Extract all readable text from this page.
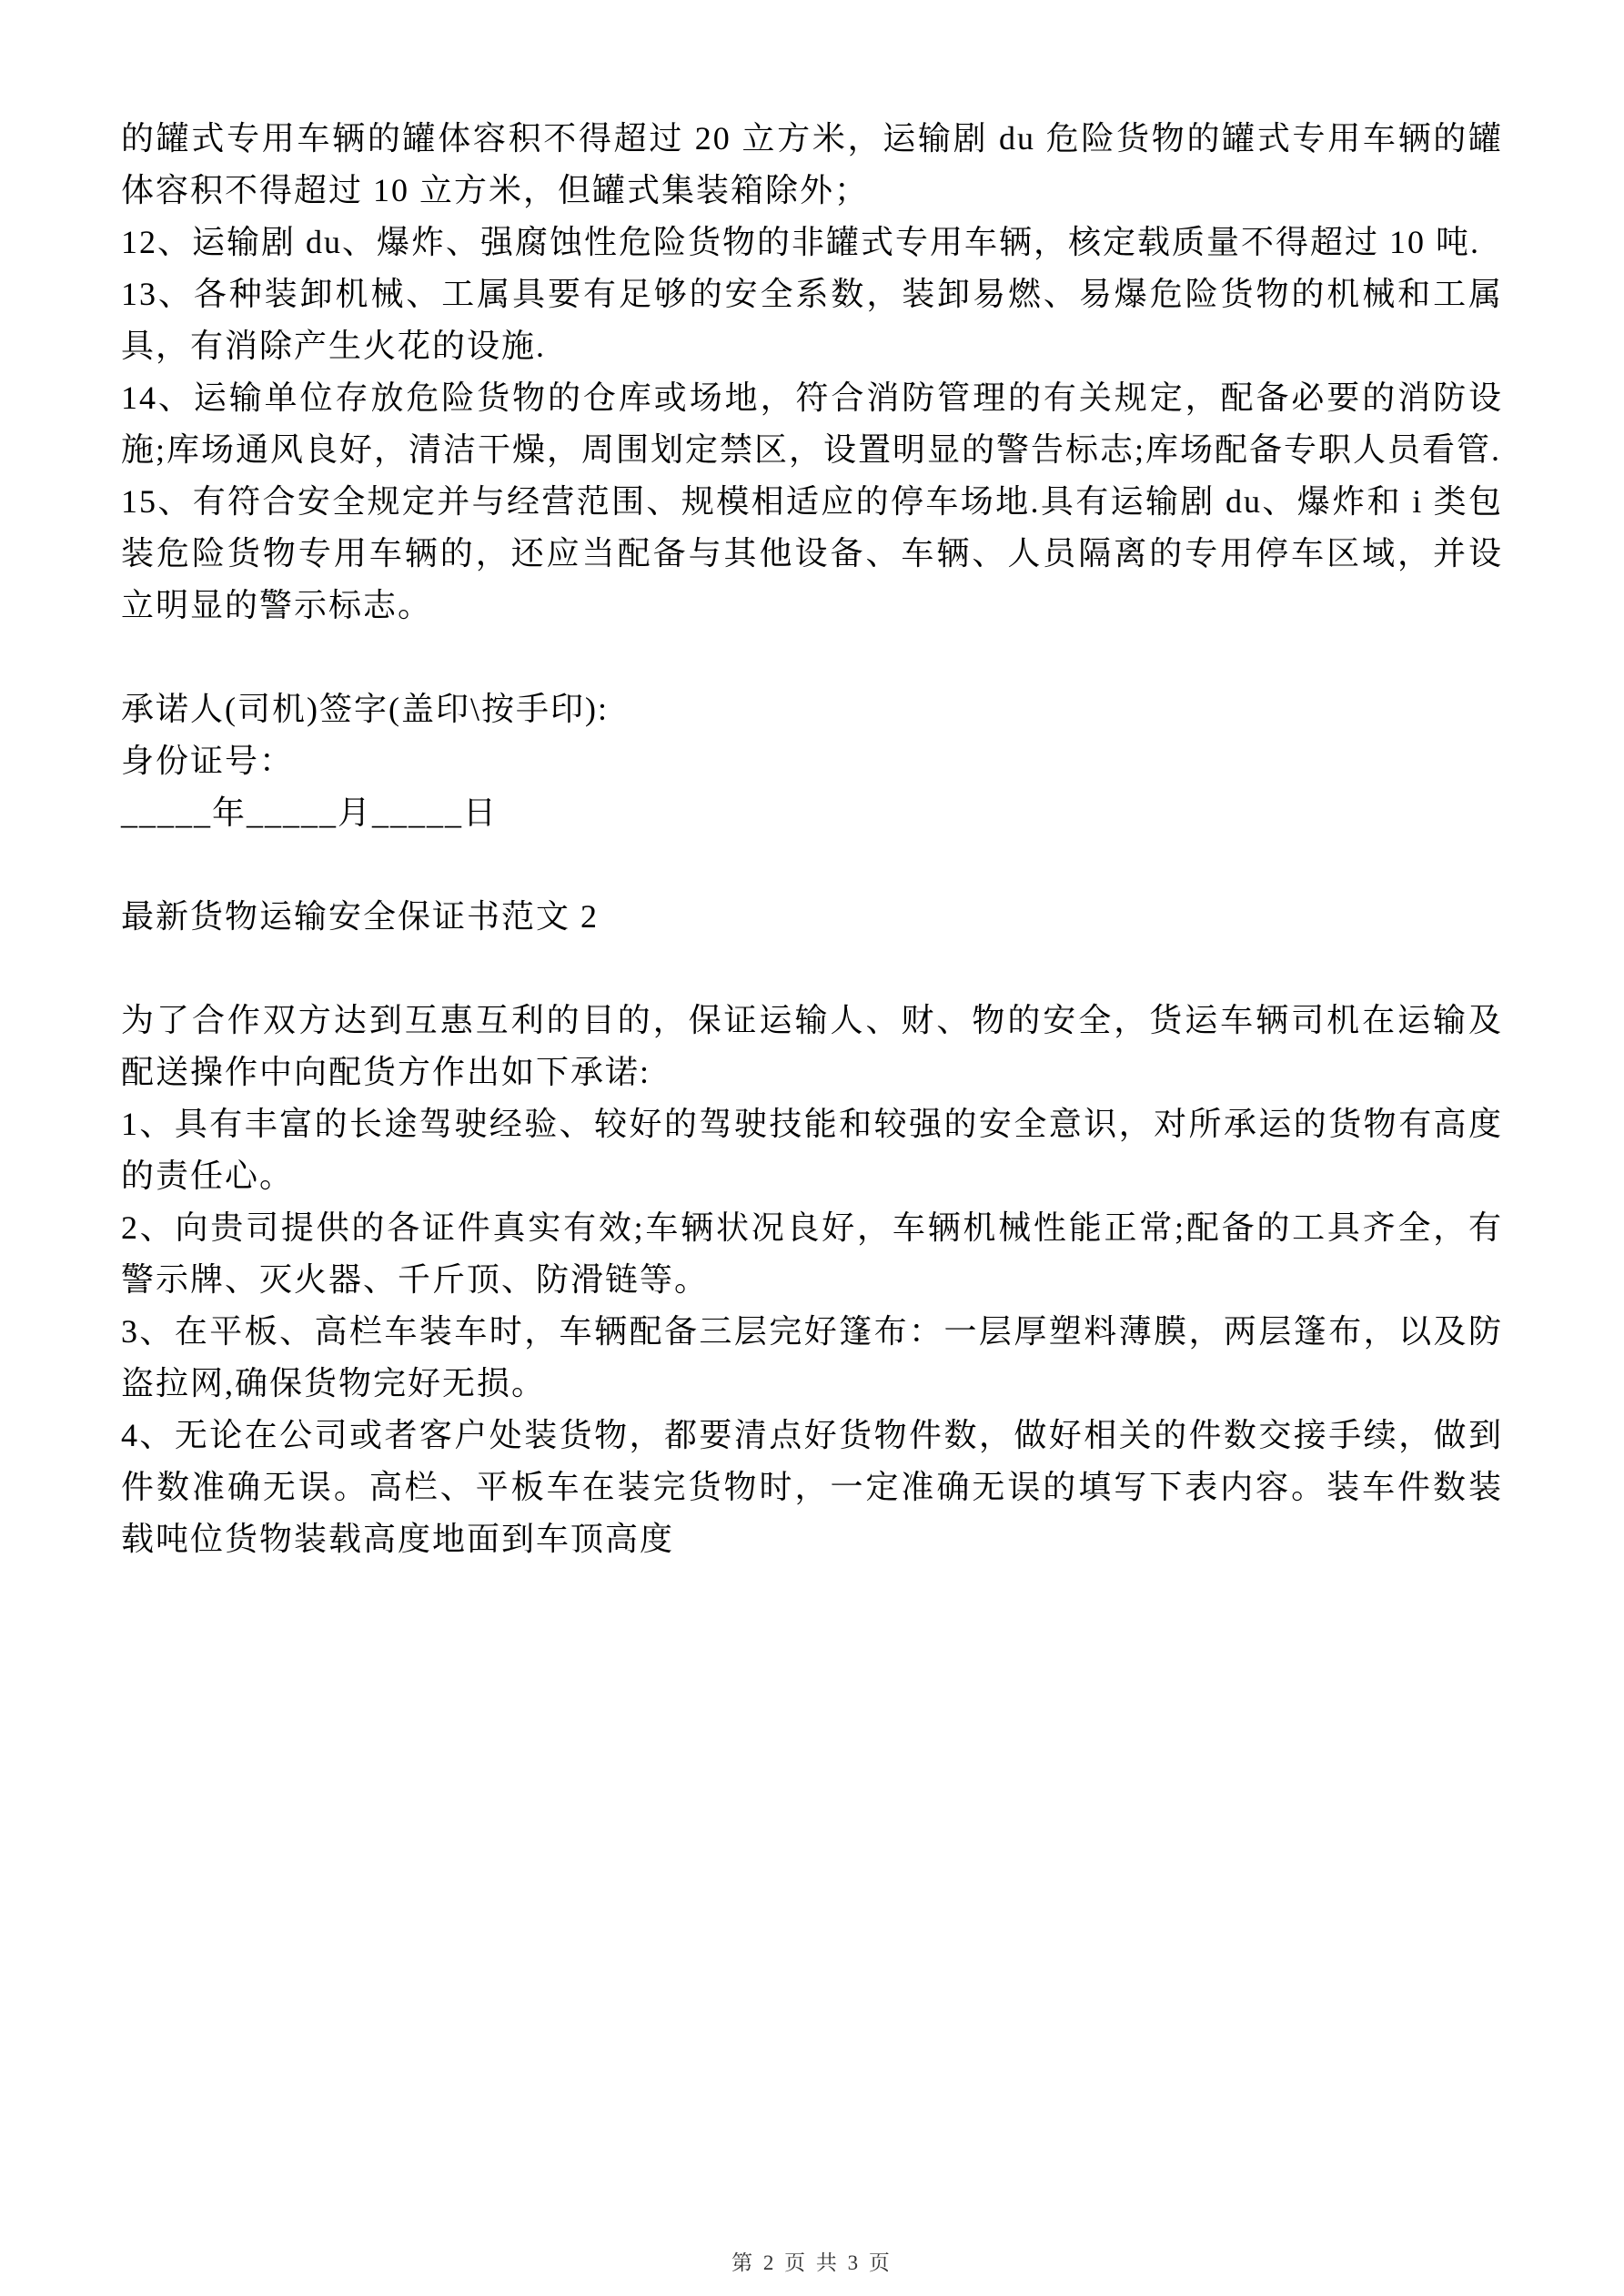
的罐式专用车辆的罐体容积不得超过 20 立方米，运输剧 du 危险货物的罐式专用车辆的罐体容积不得超过 10 立方米，但罐式集装箱除外；

12、运输剧 du、爆炸、强腐蚀性危险货物的非罐式专用车辆，核定载质量不得超过 10 吨.

13、各种装卸机械、工属具要有足够的安全系数，装卸易燃、易爆危险货物的机械和工属具，有消除产生火花的设施.

14、运输单位存放危险货物的仓库或场地，符合消防管理的有关规定，配备必要的消防设施;库场通风良好，清洁干燥，周围划定禁区，设置明显的警告标志;库场配备专职人员看管.

15、有符合安全规定并与经营范围、规模相适应的停车场地.具有运输剧 du、爆炸和 i 类包装危险货物专用车辆的，还应当配备与其他设备、车辆、人员隔离的专用停车区域，并设立明显的警示标志。

承诺人(司机)签字(盖印\按手印):

身份证号：

_____年_____月_____日

最新货物运输安全保证书范文 2

为了合作双方达到互惠互利的目的，保证运输人、财、物的安全，货运车辆司机在运输及配送操作中向配货方作出如下承诺:

1、具有丰富的长途驾驶经验、较好的驾驶技能和较强的安全意识，对所承运的货物有高度的责任心。

2、向贵司提供的各证件真实有效;车辆状况良好，车辆机械性能正常;配备的工具齐全，有警示牌、灭火器、千斤顶、防滑链等。

3、在平板、高栏车装车时，车辆配备三层完好篷布：一层厚塑料薄膜，两层篷布，以及防盗拉网,确保货物完好无损。

4、无论在公司或者客户处装货物，都要清点好货物件数，做好相关的件数交接手续，做到件数准确无误。高栏、平板车在装完货物时，一定准确无误的填写下表内容。装车件数装载吨位货物装载高度地面到车顶高度

第 2 页 共 3 页
